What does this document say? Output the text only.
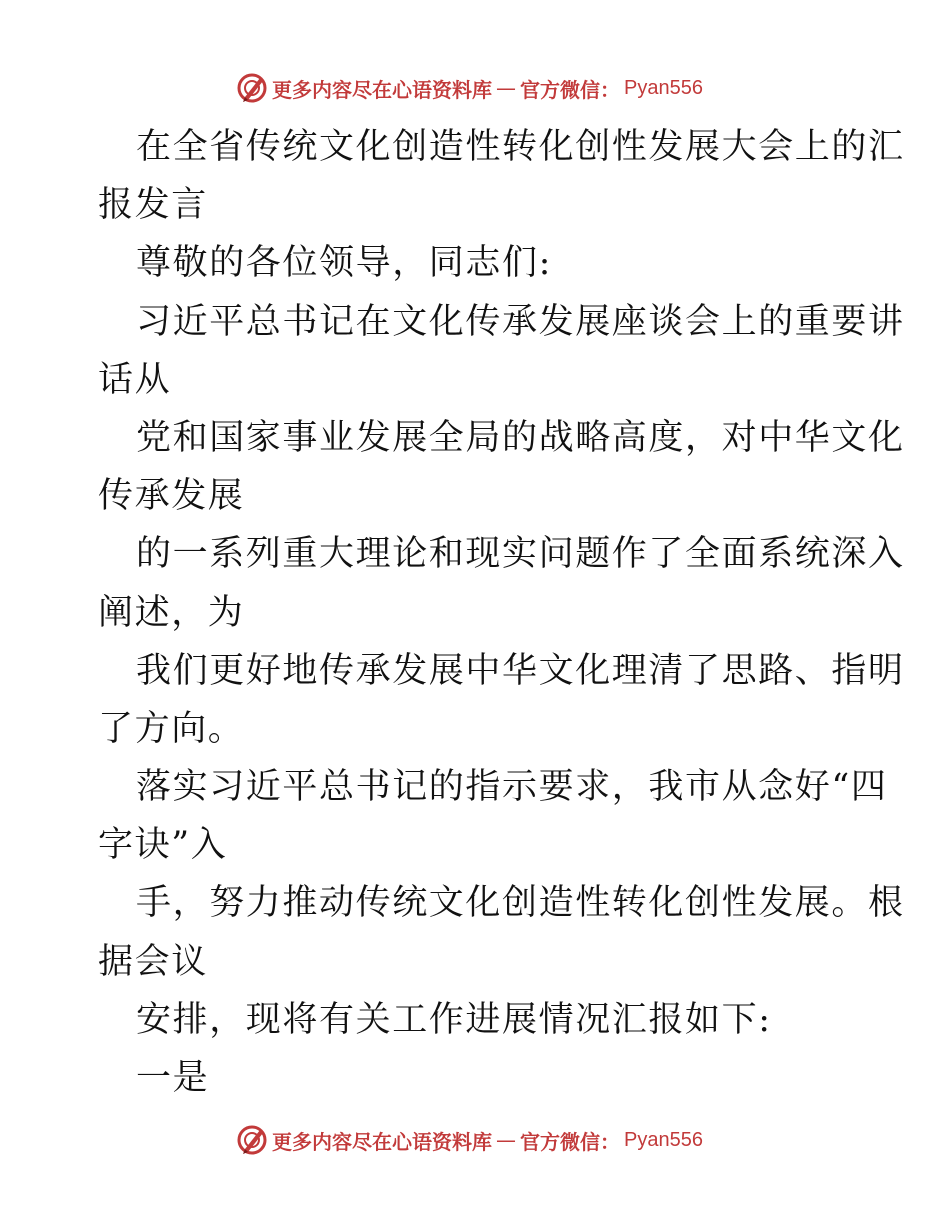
更多内容尽在心语资料库 — 官方微信： Pyan556
在全省传统文化创造性转化创性发展大会上的汇
报发言
尊敬的各位领导，同志们:
习近平总书记在文化传承发展座谈会上的重要讲
话从
党和国家事业发展全局的战略高度，对中华文化
传承发展
的一系列重大理论和现实问题作了全面系统深入
阐述，为
我们更好地传承发展中华文化理清了思路、指明
了方向。
落实习近平总书记的指示要求，我市从念好“四
字诀”入
手，努力推动传统文化创造性转化创性发展。根
据会议
安排，现将有关工作进展情况汇报如下:
一是
更多内容尽在心语资料库 — 官方微信： Pyan556
